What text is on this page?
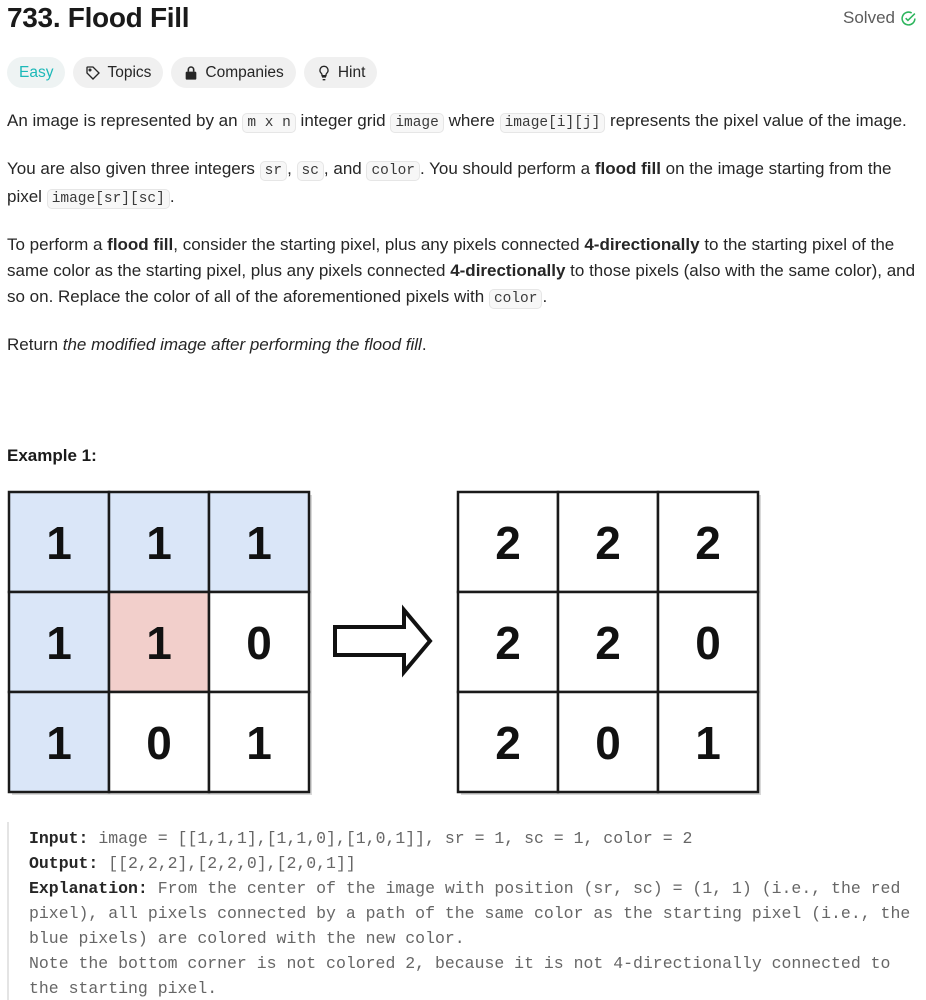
733. Flood Fill	Solved
Easy	Topics	Companies	Hint

An image is represented by an m x n integer grid image where image[i][j] represents the pixel value of the image.

You are also given three integers sr , sc , and color . You should perform a flood fill on the image starting from the pixel image[sr][sc] .

To perform a flood fill, consider the starting pixel, plus any pixels connected 4-directionally to the starting pixel of the same color as the starting pixel, plus any pixels connected 4-directionally to those pixels (also with the same color), and so on. Replace the color of all of the aforementioned pixels with color .

Return the modified image after performing the flood fill.

Example 1:
1 1 1
1 1 0
1 0 1
2 2 2
2 2 0
2 0 1
Input: image = [[1,1,1],[1,1,0],[1,0,1]], sr = 1, sc = 1, color = 2
Output: [[2,2,2],[2,2,0],[2,0,1]]
Explanation: From the center of the image with position (sr, sc) = (1, 1) (i.e., the red pixel), all pixels connected by a path of the same color as the starting pixel (i.e., the blue pixels) are colored with the new color.
Note the bottom corner is not colored 2, because it is not 4-directionally connected to the starting pixel.
